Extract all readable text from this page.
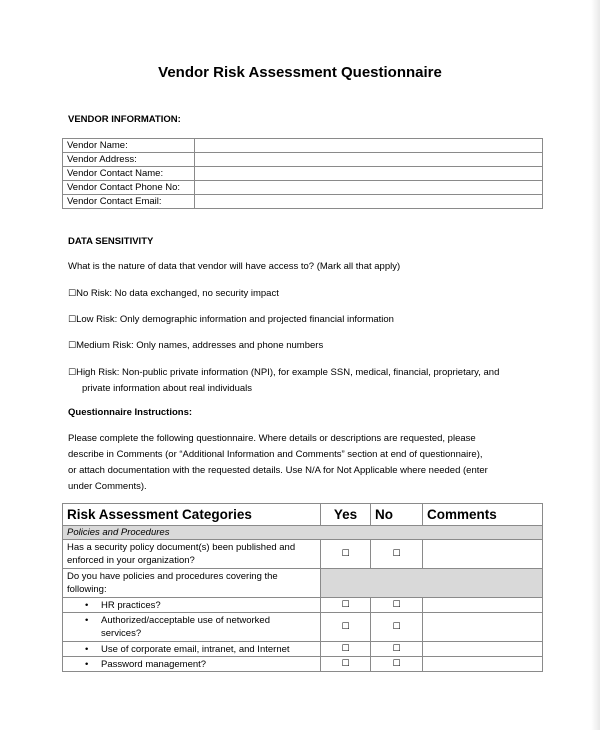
Vendor Risk Assessment Questionnaire
VENDOR INFORMATION:
Vendor Name:	
Vendor Address:	
Vendor Contact Name:	
Vendor Contact Phone No:	
Vendor Contact Email:	
DATA SENSITIVITY
What is the nature of data that vendor will have access to? (Mark all that apply)
☐No Risk: No data exchanged, no security impact
☐Low Risk: Only demographic information and projected financial information
☐Medium Risk: Only names, addresses and phone numbers
☐High Risk: Non-public private information (NPI), for example SSN, medical, financial, proprietary, and
private information about real individuals
Questionnaire Instructions:
Please complete the following questionnaire. Where details or descriptions are requested, please
describe in Comments (or “Additional Information and Comments” section at end of questionnaire),
or attach documentation with the requested details. Use N/A for Not Applicable where needed (enter
under Comments).
Risk Assessment Categories	Yes	No	Comments
Policies and Procedures			

Has a security policy document(s) been published and
enforced in your organization?	☐	☐	

Do you have policies and procedures covering the
following:			

• HR practices?	☐	☐	
• Authorized/acceptable use of networked
services?	☐	☐	
• Use of corporate email, intranet, and Internet	☐	☐	
• Password management?	☐	☐	
